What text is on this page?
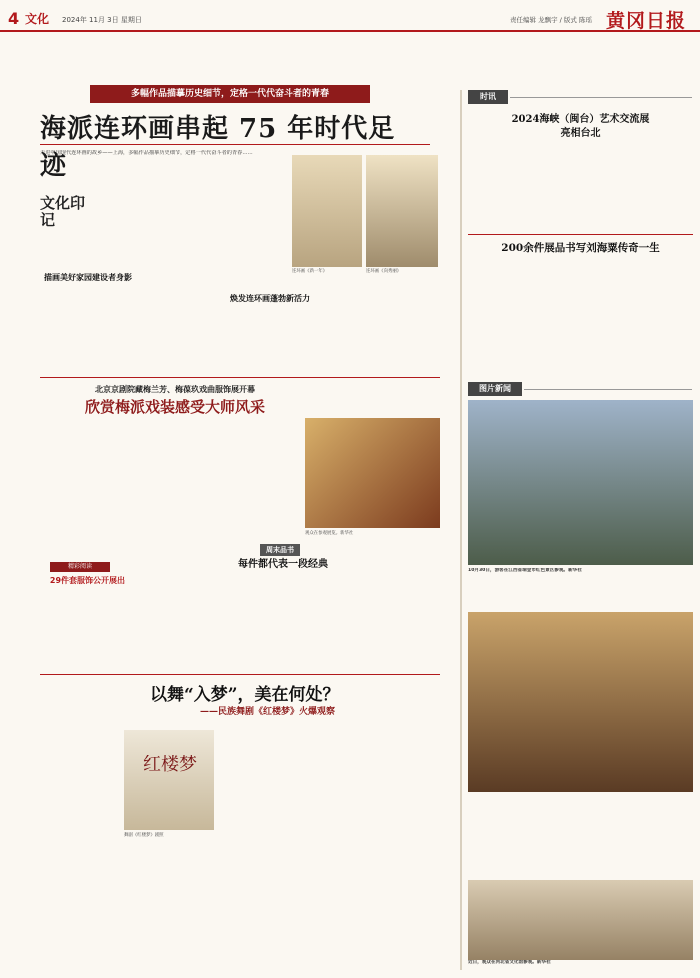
4 文化 2024年 11月 3日 星期日	责任编辑 龙飘宇 / 版式 陈瑶 黄冈日报
多幅作品描摹历史细节，定格一代代奋斗者的青春
海派连环画串起 75 年时代足迹
走进中国现代连环画的故乡——上海，多幅作品描摹历史细节，定格一代代奋斗者的青春……
文化印记
连环画《新一年》	连环画《向秀丽》
描画美好家园建设者身影
焕发连环画蓬勃新活力
北京京剧院藏梅兰芳、梅葆玖戏曲服饰展开幕
欣赏梅派戏装感受大师风采
精彩阅读
29件套服饰公开展出
观众在参观展览。新华社
周末品书
每件都代表一段经典
以舞“入梦”，美在何处？
——民族舞剧《红楼梦》火爆观察
红楼梦
舞剧《红楼梦》剧照
时讯
2024海峡（闽台）艺术交流展
亮相台北
200余件展品书写刘海粟传奇一生
图片新闻
10月30日，游客在江西省瑞金市红色景区参观。新华社
近日，观众在河北省文化馆参观。新华社
